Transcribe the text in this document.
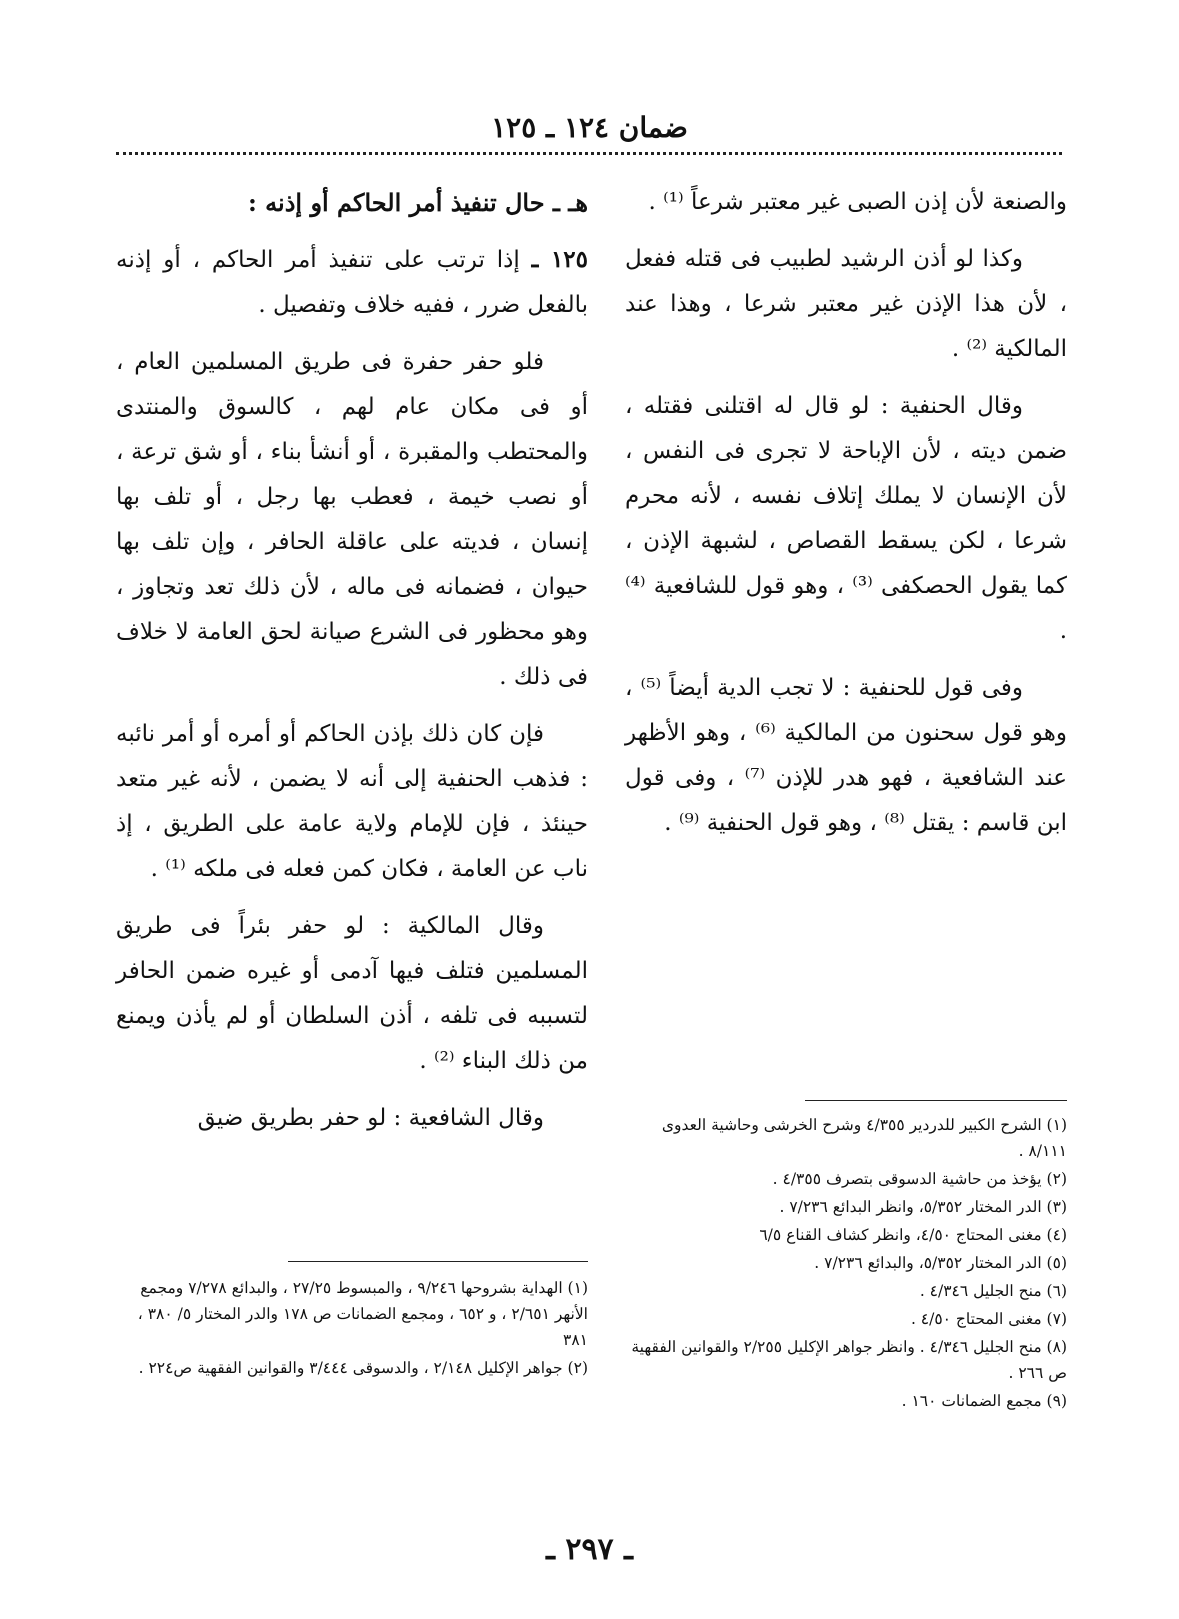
ضمان ١٢٤ ـ ١٢٥

والصنعة لأن إذن الصبى غير معتبر شرعاً ⁽¹⁾ .

وكذا لو أذن الرشيد لطبيب فى قتله ففعل ، لأن هذا الإذن غير معتبر شرعا ، وهذا عند المالكية ⁽²⁾ .

وقال الحنفية : لو قال له اقتلنى فقتله ، ضمن ديته ، لأن الإباحة لا تجرى فى النفس ، لأن الإنسان لا يملك إتلاف نفسه ، لأنه محرم شرعا ، لكن يسقط القصاص ، لشبهة الإذن ، كما يقول الحصكفى ⁽³⁾ ، وهو قول للشافعية ⁽⁴⁾ .

وفى قول للحنفية : لا تجب الدية أيضاً ⁽⁵⁾ ، وهو قول سحنون من المالكية ⁽⁶⁾ ، وهو الأظهر عند الشافعية ، فهو هدر للإذن ⁽⁷⁾ ، وفى قول ابن قاسم : يقتل ⁽⁸⁾ ، وهو قول الحنفية ⁽⁹⁾ .

هـ ـ حال تنفيذ أمر الحاكم أو إذنه :

١٢٥ ـ إذا ترتب على تنفيذ أمر الحاكم ، أو إذنه بالفعل ضرر ، ففيه خلاف وتفصيل .

فلو حفر حفرة فى طريق المسلمين العام ، أو فى مكان عام لهم ، كالسوق والمنتدى والمحتطب والمقبرة ، أو أنشأ بناء ، أو شق ترعة ، أو نصب خيمة ، فعطب بها رجل ، أو تلف بها إنسان ، فديته على عاقلة الحافر ، وإن تلف بها حيوان ، فضمانه فى ماله ، لأن ذلك تعد وتجاوز ، وهو محظور فى الشرع صيانة لحق العامة لا خلاف فى ذلك .

فإن كان ذلك بإذن الحاكم أو أمره أو أمر نائبه : فذهب الحنفية إلى أنه لا يضمن ، لأنه غير متعد حينئذ ، فإن للإمام ولاية عامة على الطريق ، إذ ناب عن العامة ، فكان كمن فعله فى ملكه ⁽¹⁾ .

وقال المالكية : لو حفر بئراً فى طريق المسلمين فتلف فيها آدمى أو غيره ضمن الحافر لتسببه فى تلفه ، أذن السلطان أو لم يأذن ويمنع من ذلك البناء ⁽²⁾ .

وقال الشافعية : لو حفر بطريق ضيق	(١) الشرح الكبير للدردير ٤/٣٥٥ وشرح الخرشى وحاشية العدوى ٨/١١١ .
(٢) يؤخذ من حاشية الدسوقى بتصرف ٤/٣٥٥ .
(٣) الدر المختار ٥/٣٥٢، وانظر البدائع ٧/٢٣٦ .
(٤) مغنى المحتاج ٤/٥٠، وانظر كشاف القناع ٦/٥
(٥) الدر المختار ٥/٣٥٢، والبدائع ٧/٢٣٦ .
(٦) منح الجليل ٤/٣٤٦ .
(٧) مغنى المحتاج ٤/٥٠ .
(٨) منح الجليل ٤/٣٤٦ . وانظر جواهر الإكليل ٢/٢٥٥ والقوانين الفقهية ص ٢٦٦ .
(٩) مجمع الضمانات ١٦٠ .
(١) الهداية بشروحها ٩/٢٤٦ ، والمبسوط ٢٧/٢٥ ، والبدائع ٧/٢٧٨ ومجمع الأنهر ٢/٦٥١ ، و ٦٥٢ ، ومجمع الضمانات ص ١٧٨ والدر المختار ٥/ ٣٨٠ ، ٣٨١
(٢) جواهر الإكليل ٢/١٤٨ ، والدسوقى ٣/٤٤٤ والقوانين الفقهية ص٢٢٤ .
ـ ٢٩٧ ـ
